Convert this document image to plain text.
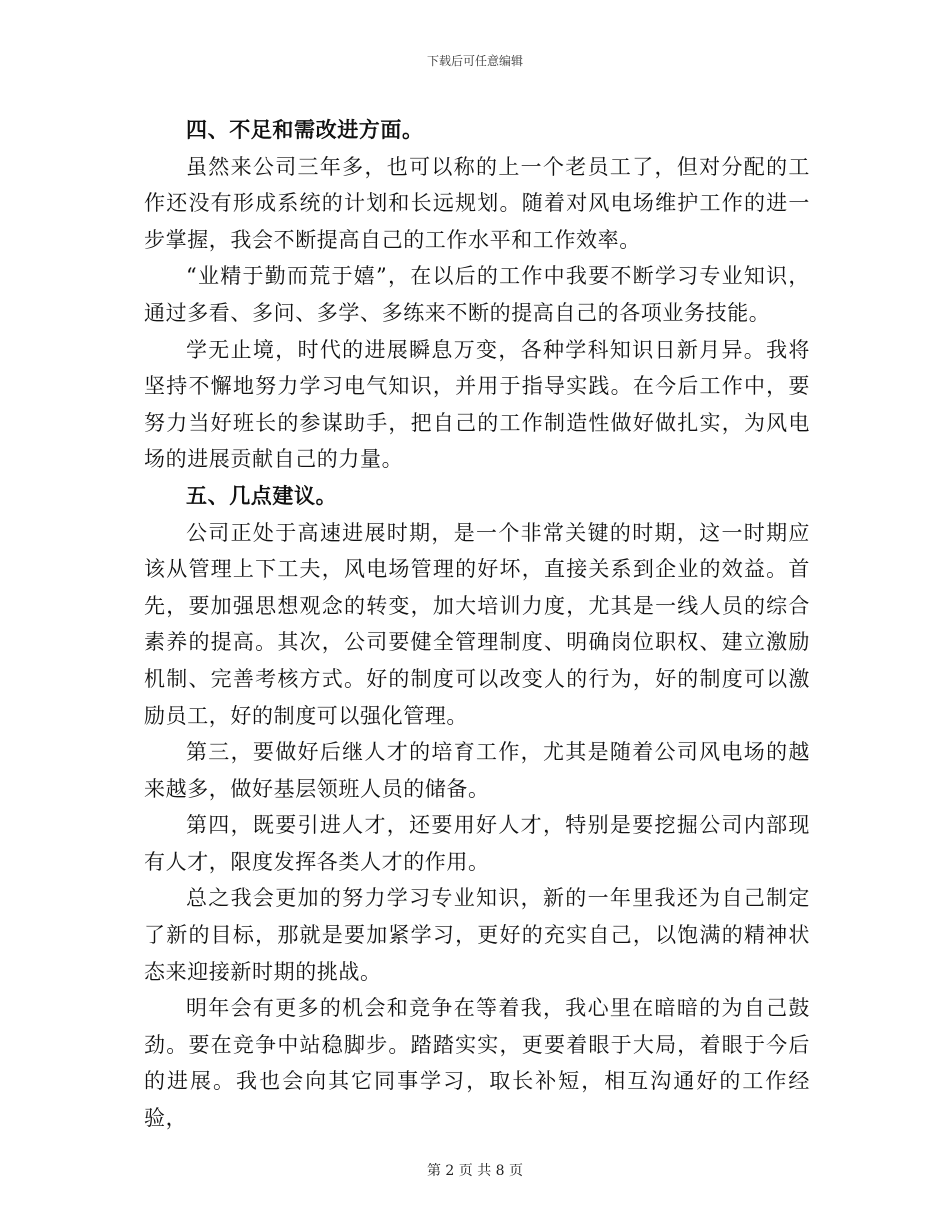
下载后可任意编辑

四、不足和需改进方面。

虽然来公司三年多，也可以称的上一个老员工了，但对分配的工作还没有形成系统的计划和长远规划。随着对风电场维护工作的进一步掌握，我会不断提高自己的工作水平和工作效率。

“业精于勤而荒于嬉”，在以后的工作中我要不断学习专业知识，通过多看、多问、多学、多练来不断的提高自己的各项业务技能。

学无止境，时代的进展瞬息万变，各种学科知识日新月异。我将坚持不懈地努力学习电气知识，并用于指导实践。在今后工作中，要努力当好班长的参谋助手，把自己的工作制造性做好做扎实，为风电场的进展贡献自己的力量。

五、几点建议。

公司正处于高速进展时期，是一个非常关键的时期，这一时期应该从管理上下工夫，风电场管理的好坏，直接关系到企业的效益。首先，要加强思想观念的转变，加大培训力度，尤其是一线人员的综合素养的提高。其次，公司要健全管理制度、明确岗位职权、建立激励机制、完善考核方式。好的制度可以改变人的行为，好的制度可以激励员工，好的制度可以强化管理。

第三，要做好后继人才的培育工作，尤其是随着公司风电场的越来越多，做好基层领班人员的储备。

第四，既要引进人才，还要用好人才，特别是要挖掘公司内部现有人才，限度发挥各类人才的作用。

总之我会更加的努力学习专业知识，新的一年里我还为自己制定了新的目标，那就是要加紧学习，更好的充实自己，以饱满的精神状态来迎接新时期的挑战。

明年会有更多的机会和竞争在等着我，我心里在暗暗的为自己鼓劲。要在竞争中站稳脚步。踏踏实实，更要着眼于大局，着眼于今后的进展。我也会向其它同事学习，取长补短，相互沟通好的工作经验，

第 2 页 共 8 页
